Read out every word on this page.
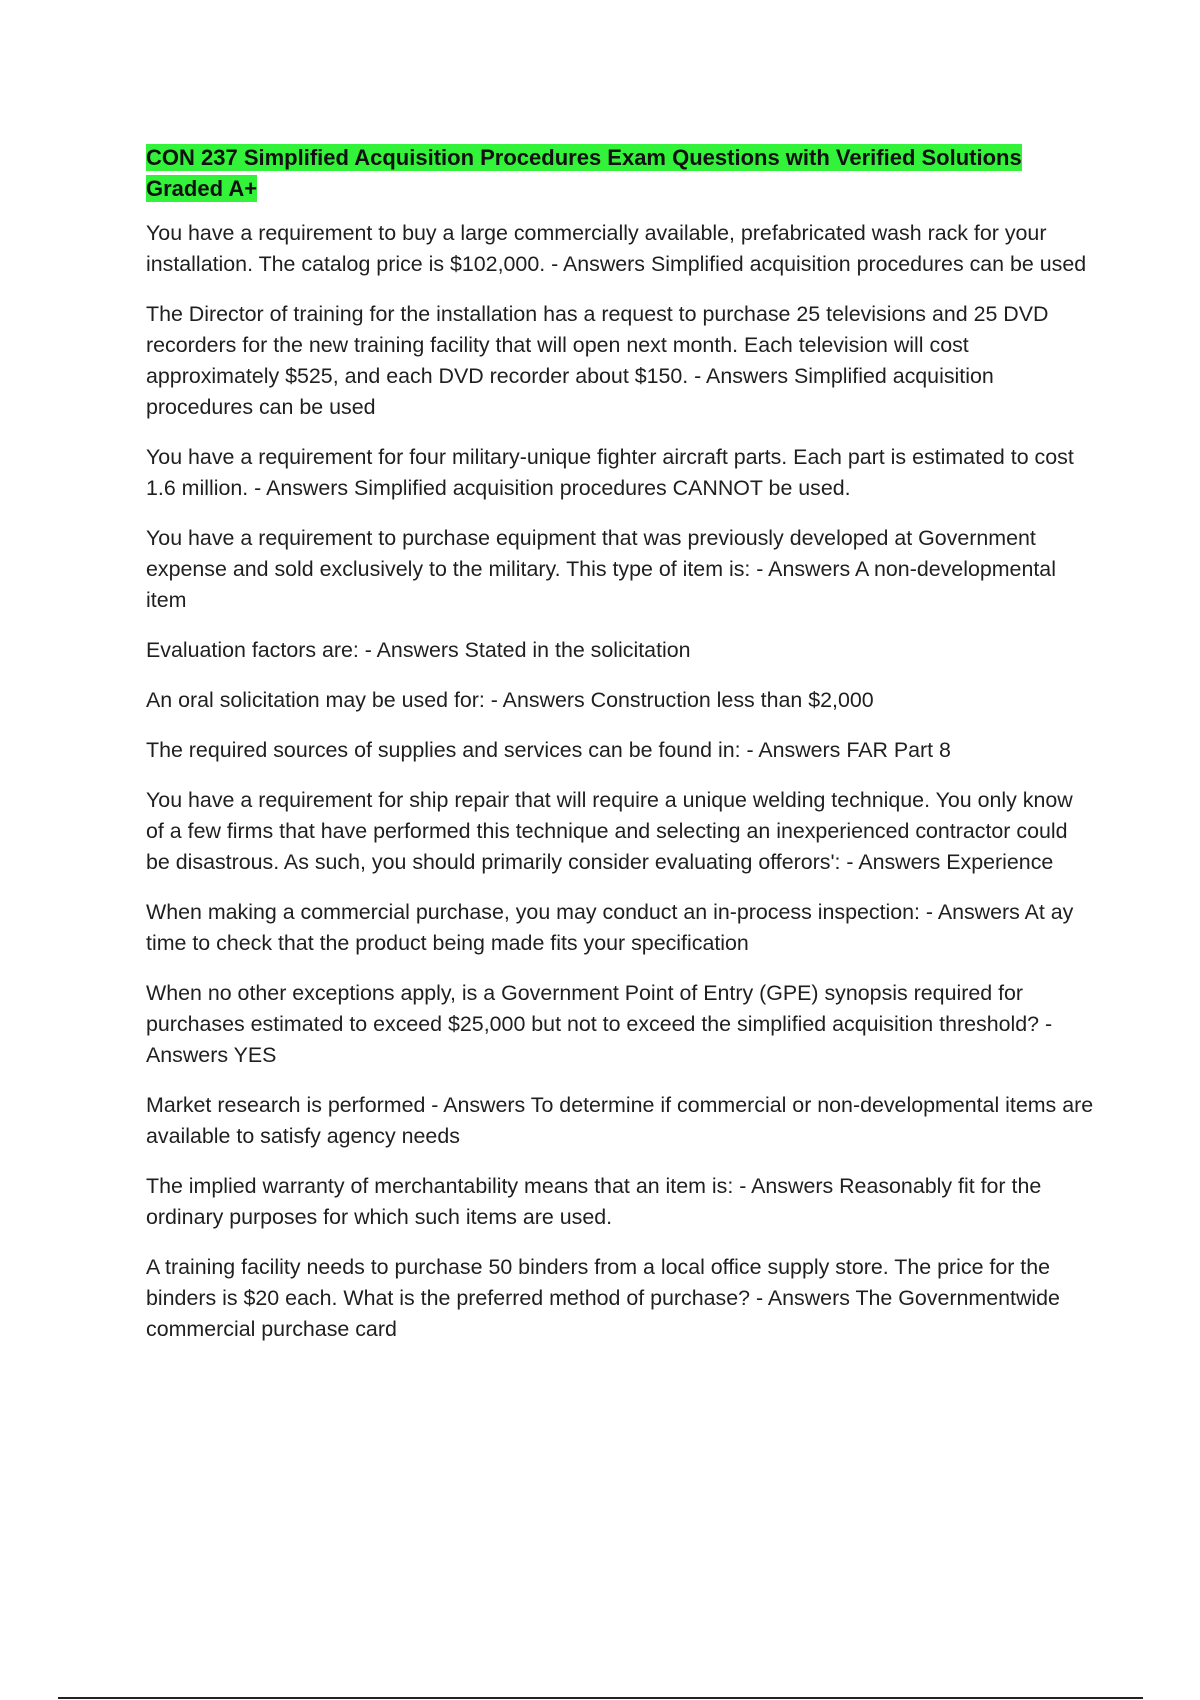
CON 237 Simplified Acquisition Procedures Exam Questions with Verified Solutions Graded A+

You have a requirement to buy a large commercially available, prefabricated wash rack for your installation. The catalog price is $102,000. - Answers Simplified acquisition procedures can be used

The Director of training for the installation has a request to purchase 25 televisions and 25 DVD recorders for the new training facility that will open next month. Each television will cost approximately $525, and each DVD recorder about $150. - Answers Simplified acquisition procedures can be used

You have a requirement for four military-unique fighter aircraft parts. Each part is estimated to cost 1.6 million. - Answers Simplified acquisition procedures CANNOT be used.

You have a requirement to purchase equipment that was previously developed at Government expense and sold exclusively to the military. This type of item is: - Answers A non-developmental item

Evaluation factors are: - Answers Stated in the solicitation

An oral solicitation may be used for: - Answers Construction less than $2,000

The required sources of supplies and services can be found in: - Answers FAR Part 8

You have a requirement for ship repair that will require a unique welding technique. You only know of a few firms that have performed this technique and selecting an inexperienced contractor could be disastrous. As such, you should primarily consider evaluating offerors': - Answers Experience

When making a commercial purchase, you may conduct an in-process inspection: - Answers At ay time to check that the product being made fits your specification

When no other exceptions apply, is a Government Point of Entry (GPE) synopsis required for purchases estimated to exceed $25,000 but not to exceed the simplified acquisition threshold? - Answers YES

Market research is performed - Answers To determine if commercial or non-developmental items are available to satisfy agency needs

The implied warranty of merchantability means that an item is: - Answers Reasonably fit for the ordinary purposes for which such items are used.

A training facility needs to purchase 50 binders from a local office supply store. The price for the binders is $20 each. What is the preferred method of purchase? - Answers The Governmentwide commercial purchase card
